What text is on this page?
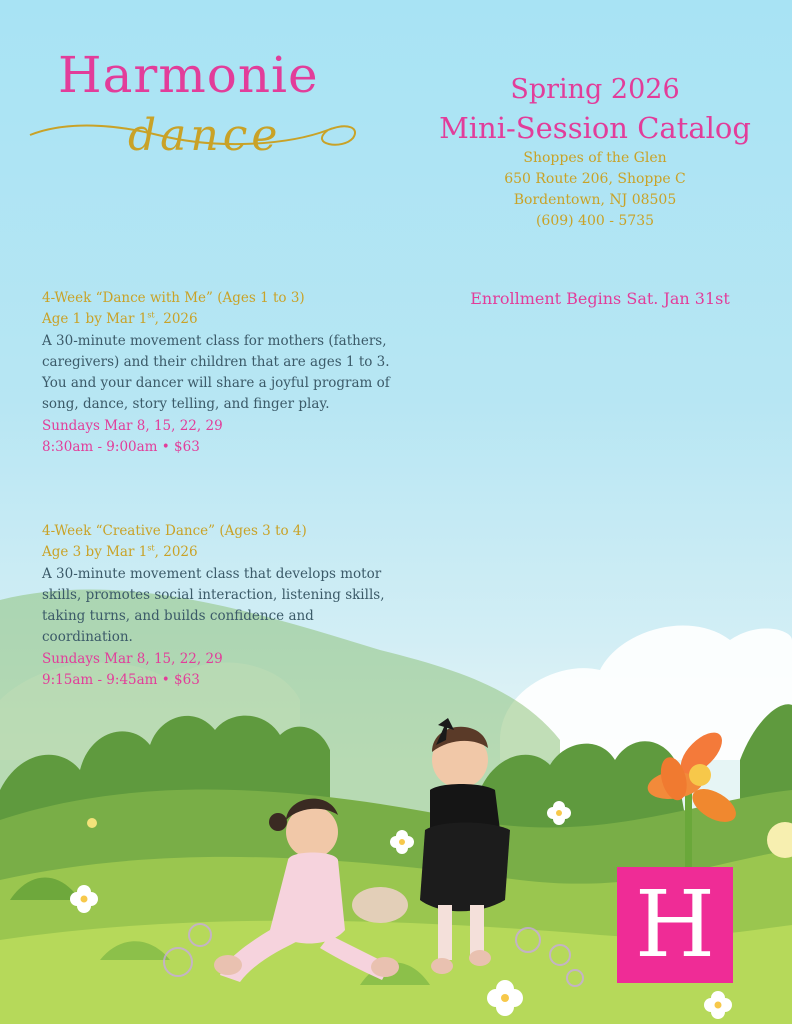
Harmonie
dance
Spring 2026
Mini-Session Catalog
Shoppes of the Glen
650 Route 206, Shoppe C
Bordentown, NJ 08505
(609) 400 - 5735
Enrollment Begins Sat. Jan 31st
4-Week “Dance with Me” (Ages 1 to 3)
Age 1 by Mar 1st, 2026
A 30-minute movement class for mothers (fathers, caregivers) and their children that are ages 1 to 3. You and your dancer will share a joyful program of song, dance, story telling, and finger play.
Sundays Mar 8, 15, 22, 29
8:30am - 9:00am • $63
4-Week “Creative Dance” (Ages 3 to 4)
Age 3 by Mar 1st, 2026
A 30-minute movement class that develops motor skills, promotes social interaction, listening skills, taking turns, and builds confidence and coordination.
Sundays Mar 8, 15, 22, 29
9:15am - 9:45am • $63
H
